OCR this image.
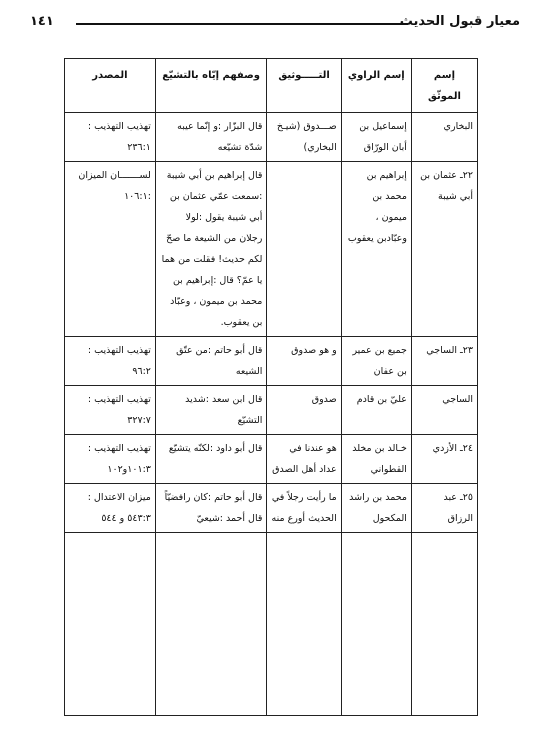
معيار قبول الحديث
١٤١
إسم الموثّق	إسم الراوي	التـــــوثيق	وصفهم إيّاه بالتشيّع	المصدر
البخاري	إسماعيل بن أبان الورّاق	صـــدوق (شيـخ البخاري)	قال البزّار :و إنّما عيبه شدّة تشيّعه	تهذيب التهذيب : ٢٣٦:١
٢٢ـ عثمان بن أبي شيبة	إبراهيم بن محمد بن ميمون ، وعبّادبن يعقوب		قال إبراهيم بن أبي شيبة :سمعت عمّي عثمان بن أبي شيبة يقول :لولا رجلان من الشيعة ما صحّ لكم حديث! فقلت من هما يا عمّ؟ قال :إبراهيم بن محمد بن ميمون ، وعبّاد بن يعقوب.	لســـــــان الميزان :١٠٦:١
٢٣ـ الساجي	جميع بن عمير بن عفان	و هو صدوق	قال أبو حاتم :من عتّق الشيعه	تهذيب التهذيب : ٩٦:٢
الساجي	عليّ بن قادم	صدوق	قال ابن سعد :شديد التشيّع	تهذيب التهذيب : ٣٢٧:٧
٢٤ـ الأزدي	خـالد بن مخلد القطواني	هو عندنا في عداد أهل الصدق	قال أبو داود :لكنّه يتشيّع	تهذيب التهذيب : ١٠١:٣و١٠٢
٢٥ـ عبد الرزاق	محمد بن راشد المكحول	ما رأيت رجلاً في الحديث أورع منه	قال أبو حاتم :كان رافضيّاً قال أحمد :شيعيّ	ميزان الاعتدال : ٥٤٣:٣ و ٥٤٤
